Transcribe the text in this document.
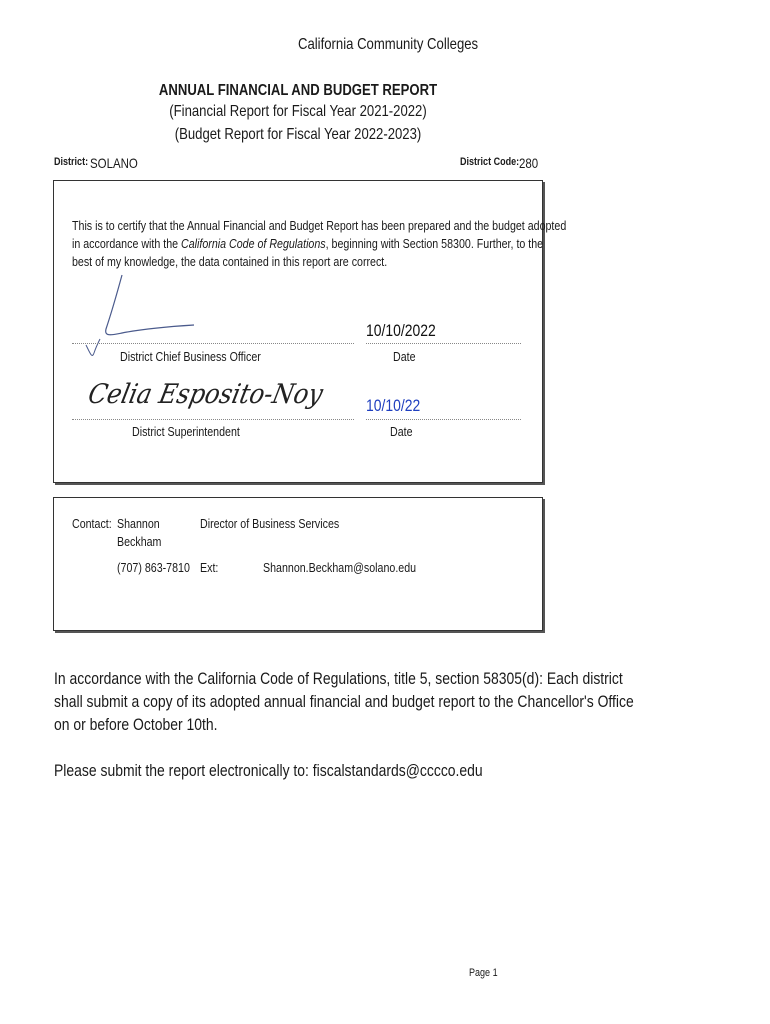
California Community Colleges
ANNUAL FINANCIAL AND BUDGET REPORT
(Financial Report for Fiscal Year 2021-2022)
(Budget Report for Fiscal Year 2022-2023)
District: SOLANO	District Code: 280
This is to certify that the Annual Financial and Budget Report has been prepared and the budget adopted
in accordance with the California Code of Regulations, beginning with Section 58300. Further, to the
best of my knowledge, the data contained in this report are correct.
10/10/2022
District Chief Business Officer	Date
Celia Esposito-Noy 10/10/22
District Superintendent	Date
Contact: Shannon
Beckham
Director of Business Services
(707) 863-7810 Ext:	Shannon.Beckham@solano.edu
In accordance with the California Code of Regulations, title 5, section 58305(d): Each district
shall submit a copy of its adopted annual financial and budget report to the Chancellor's Office
on or before October 10th.
Please submit the report electronically to: fiscalstandards@cccco.edu
Page 1
